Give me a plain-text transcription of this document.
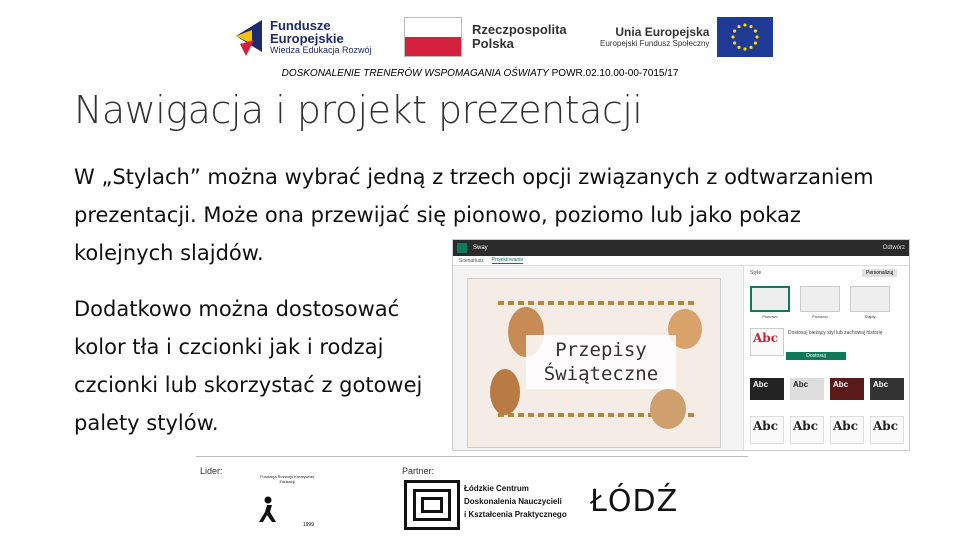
Fundusze
Europejskie
Wiedza Edukacja Rozwój
Rzeczpospolita
Polska
Unia Europejska
Europejski Fundusz Społeczny
DOSKONALENIE TRENERÓW WSPOMAGANIA OŚWIATY POWR.02.10.00-00-7015/17
Nawigacja i projekt prezentacji
W „Stylach” można wybrać jedną z trzech opcji związanych z odtwarzaniem prezentacji. Może ona przewijać się pionowo, poziomo lub jako pokaz kolejnych slajdów.
Dodatkowo można dostosować kolor tła i czcionki jak i rodzaj czcionki lub skorzystać z gotowej palety stylów.
Sway	Odtwórz
Scenariusz Projektowanie
Przepisy Świąteczne
Style	Personalizuj
Pionowo	Poziomo	Slajdy
Abc	Dostosuj bieżący styl lub zachowaj historię
Dostosuj
Abc	Abc	Abc	Abc
Abc	Abc	Abc	Abc
Lider:	Partner:
Fundacja Rozwoju Kreatywnej Edukacji
1999
Łódzkie Centrum
Doskonalenia Nauczycieli
i Kształcenia Praktycznego ŁÓDŹ
